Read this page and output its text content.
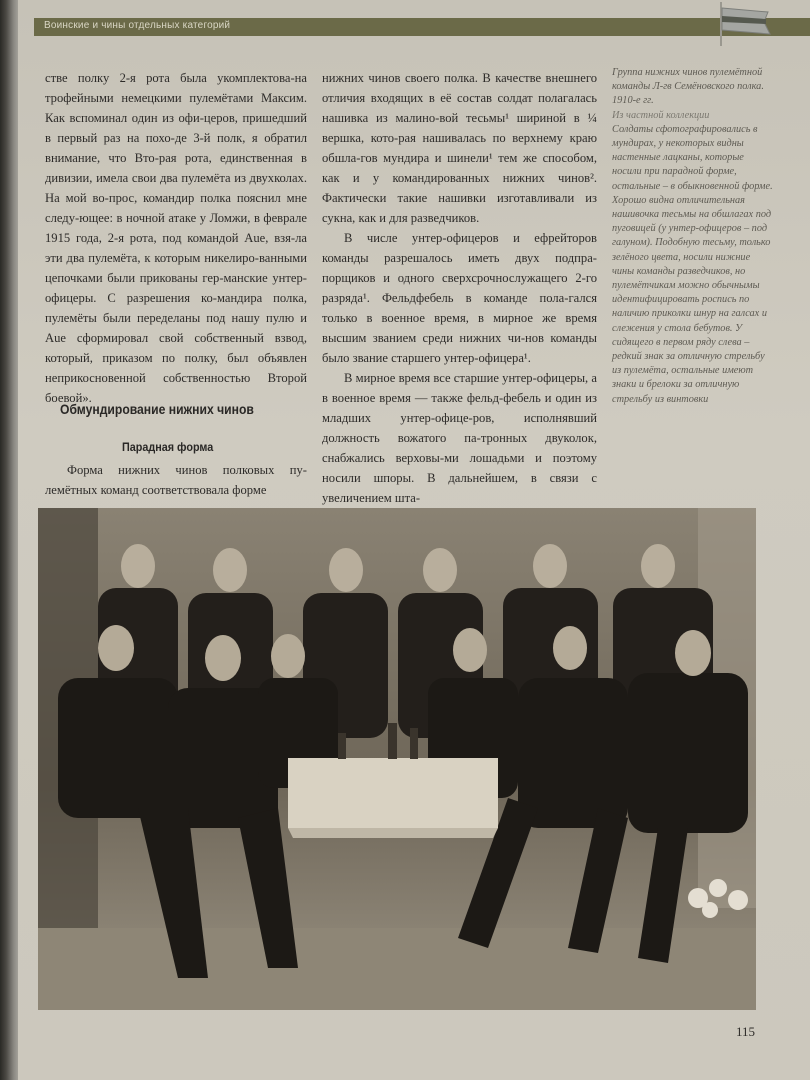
Воинские и чины отдельных категорий

ствe полку 2-я рота была укомплектова-на трофейными немецкими пулемётами Максим. Как вспоминал один из офи-церов, пришедший в первый раз на похо-де 3-й полк, я обратил внимание, что Вто-рая рота, единственная в дивизии, имела свои два пулемёта из двухколах. На мой во-прос, командир полка пояснил мне следу-ющее: в ночной атаке у Ломжи, в феврале 1915 года, 2-я рота, под командой Аue, взя-ла эти два пулемёта, к которым никелиро-ванными цепочками были прикованы гер-манские унтер-офицеры. С разрешения ко-мандира полка, пулемёты были переделаны под нашу пулю и Аue сформировал свой собственный взвод, который, приказом по полку, был объявлен неприкосновенной собственностью Второй боевой».

Обмундирование нижних чинов
Парадная форма

Форма нижних чинов полковых пу-лемётных команд соответствовала форме

нижних чинов своего полка. В качестве внешнего отличия входящих в её состав солдат полагалась нашивка из малино-вой тесьмы¹ шириной в ¼ вершка, кото-рая нашивалась по верхнему краю обшла-гов мундира и шинели¹ тем же способом, как и у командированных нижних чинов². Фактически такие нашивки изготавливали из сукна, как и для разведчиков.

В числе унтер-офицеров и ефрейторов команды разрешалось иметь двух подпра-порщиков и одного сверхсрочнослужащего 2-го разряда¹. Фельдфебель в команде пола-гался только в военное время, в мирное же время высшим званием среди нижних чи-нов команды было звание старшего унтер-офицера¹.

В мирное время все старшие унтер-офицеры, а в военное время — также фельд-фебель и один из младших унтер-офице-ров, исполнявший должность вожатого па-тронных двуколок, снабжались верховы-ми лошадьми и поэтому носили шпоры. В дальнейшем, в связи с увеличением шта-

Группа нижних чинов пулемётной команды Л-гв Семёновского полка. 1910-е гг.
Из частной коллекции
Солдаты сфотографировались в мундирах, у некоторых видны настенные лацканы, которые носили при парадной форме, остальные – в обыкновенной форме. Хорошо видна отличительная нашивочка тесьмы на обшлагах под пуговицей (у унтер-офицеров – под галуном). Подобную тесьму, только зелёного цвета, носили нижние чины команды разведчиков, но пулемётчикам можно обычнымы идентифицировать роспись по наличию приколки шнур на галсах и слежения у стола бебутов. У сидящего в первом ряду слева – редкий знак за отличную стрельбу из пулемёта, остальные имеют знаки и брелоки за отличную стрельбу из винтовки
115
